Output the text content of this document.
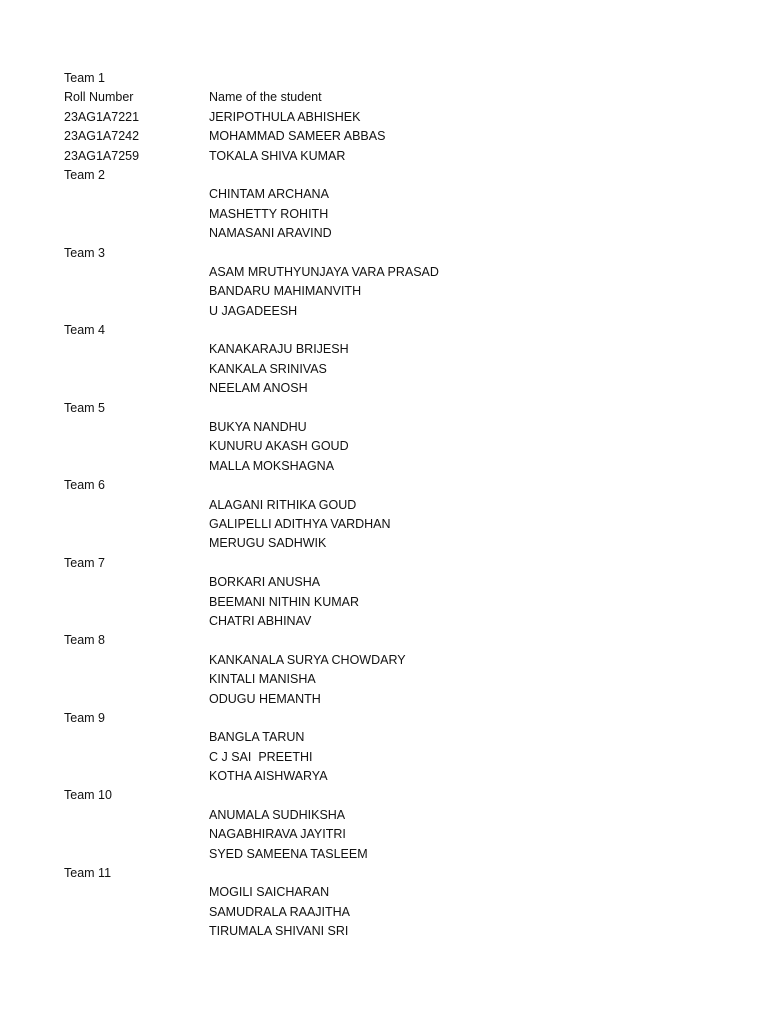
Team 1
Roll Number	Name of the student
23AG1A7221	JERIPOTHULA ABHISHEK
23AG1A7242	MOHAMMAD SAMEER ABBAS
23AG1A7259	TOKALA SHIVA KUMAR
Team 2
CHINTAM ARCHANA
MASHETTY ROHITH
NAMASANI ARAVIND
Team 3
ASAM MRUTHYUNJAYA VARA PRASAD
BANDARU MAHIMANVITH
U JAGADEESH
Team 4
KANAKARAJU BRIJESH
KANKALA SRINIVAS
NEELAM ANOSH
Team 5
BUKYA NANDHU
KUNURU AKASH GOUD
MALLA MOKSHAGNA
Team 6
ALAGANI RITHIKA GOUD
GALIPELLI ADITHYA VARDHAN
MERUGU SADHWIK
Team 7
BORKARI ANUSHA
BEEMANI NITHIN KUMAR
CHATRI ABHINAV
Team 8
KANKANALA SURYA CHOWDARY
KINTALI MANISHA
ODUGU HEMANTH
Team 9
BANGLA TARUN
C J SAI  PREETHI
KOTHA AISHWARYA
Team 10
ANUMALA SUDHIKSHA
NAGABHIRAVA JAYITRI
SYED SAMEENA TASLEEM
Team 11
MOGILI SAICHARAN
SAMUDRALA RAAJITHA
TIRUMALA SHIVANI SRI
